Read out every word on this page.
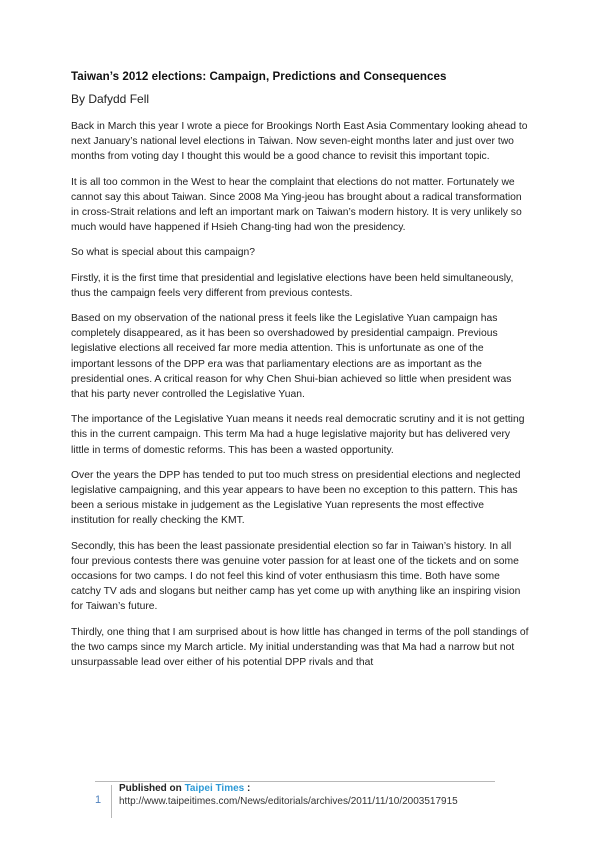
Taiwan’s 2012 elections: Campaign, Predictions and Consequences
By Dafydd Fell

Back in March this year I wrote a piece for Brookings North East Asia Commentary looking ahead to next January’s national level elections in Taiwan. Now seven-eight months later and just over two months from voting day I thought this would be a good chance to revisit this important topic.

It is all too common in the West to hear the complaint that elections do not matter. Fortunately we cannot say this about Taiwan. Since 2008 Ma Ying-jeou has brought about a radical transformation in cross-Strait relations and left an important mark on Taiwan’s modern history. It is very unlikely so much would have happened if Hsieh Chang-ting had won the presidency.

So what is special about this campaign?

Firstly, it is the first time that presidential and legislative elections have been held simultaneously, thus the campaign feels very different from previous contests.

Based on my observation of the national press it feels like the Legislative Yuan campaign has completely disappeared, as it has been so overshadowed by presidential campaign. Previous legislative elections all received far more media attention. This is unfortunate as one of the important lessons of the DPP era was that parliamentary elections are as important as the presidential ones. A critical reason for why Chen Shui-bian achieved so little when president was that his party never controlled the Legislative Yuan.

The importance of the Legislative Yuan means it needs real democratic scrutiny and it is not getting this in the current campaign. This term Ma had a huge legislative majority but has delivered very little in terms of domestic reforms. This has been a wasted opportunity.

Over the years the DPP has tended to put too much stress on presidential elections and neglected legislative campaigning, and this year appears to have been no exception to this pattern. This has been a serious mistake in judgement as the Legislative Yuan represents the most effective institution for really checking the KMT.

Secondly, this has been the least passionate presidential election so far in Taiwan’s history. In all four previous contests there was genuine voter passion for at least one of the tickets and on some occasions for two camps. I do not feel this kind of voter enthusiasm this time. Both have some catchy TV ads and slogans but neither camp has yet come up with anything like an inspiring vision for Taiwan’s future.

Thirdly, one thing that I am surprised about is how little has changed in terms of the poll standings of the two camps since my March article. My initial understanding was that Ma had a narrow but not unsurpassable lead over either of his potential DPP rivals and that

1
Published on Taipei Times :
http://www.taipeitimes.com/News/editorials/archives/2011/11/10/2003517915
